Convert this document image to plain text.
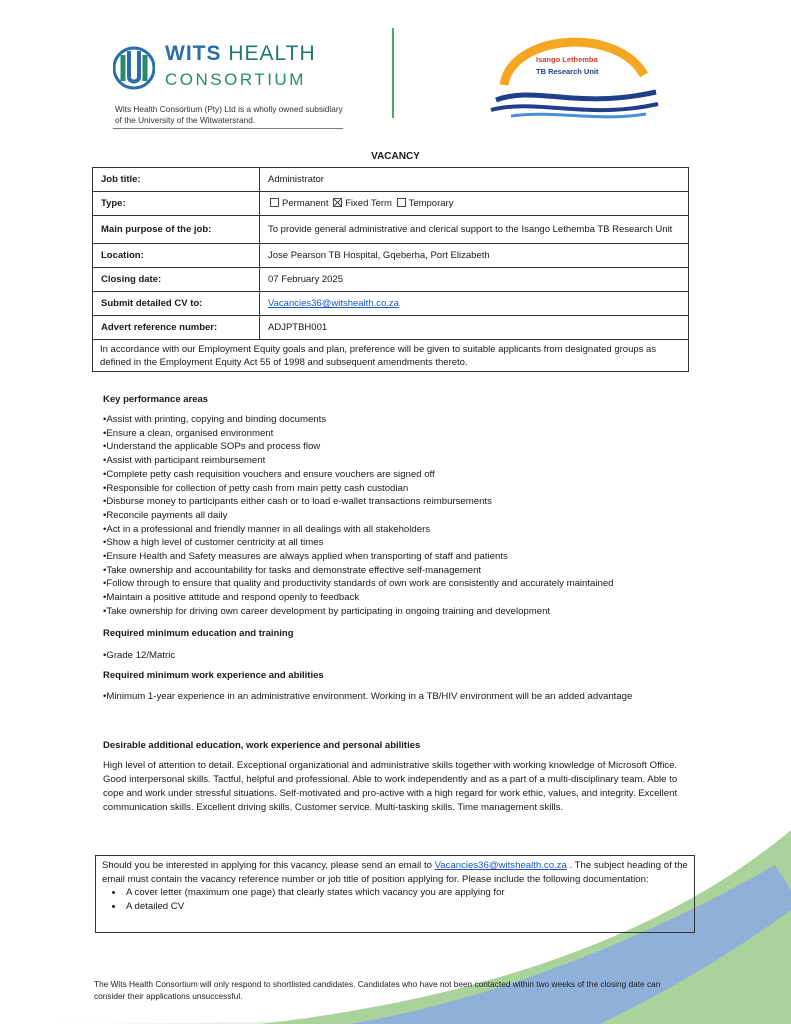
WITS HEALTH
CONSORTIUM
Wits Health Consortium (Pty) Ltd is a wholly owned subsidiary of the University of the Witwatersrand.
Isango Lethemba
TB Research Unit
VACANCY
Job title:	Administrator
Type:	Permanent Fixed Term Temporary
Main purpose of the job:	To provide general administrative and clerical support to the Isango Lethemba TB Research Unit
Location:	Jose Pearson TB Hospital, Gqeberha, Port Elizabeth
Closing date:	07 February 2025
Submit detailed CV to:	Vacancies36@witshealth.co.za
Advert reference number:	ADJPTBH001
In accordance with our Employment Equity goals and plan, preference will be given to suitable applicants from designated groups as defined in the Employment Equity Act 55 of 1998 and subsequent amendments thereto.	
Key performance areas
• Assist with printing, copying and binding documents
• Ensure a clean, organised environment
• Understand the applicable SOPs and process flow
• Assist with participant reimbursement
• Complete petty cash requisition vouchers and ensure vouchers are signed off
• Responsible for collection of petty cash from main petty cash custodian
• Disburse money to participants either cash or to load e-wallet transactions reimbursements
• Reconcile payments all daily
• Act in a professional and friendly manner in all dealings with all stakeholders
• Show a high level of customer centricity at all times
• Ensure Health and Safety measures are always applied when transporting of staff and patients
• Take ownership and accountability for tasks and demonstrate effective self-management
• Follow through to ensure that quality and productivity standards of own work are consistently and accurately maintained
• Maintain a positive attitude and respond openly to feedback
• Take ownership for driving own career development by participating in ongoing training and development
Required minimum education and training
•Grade 12/Matric
Required minimum work experience and abilities
•Minimum 1-year experience in an administrative environment. Working in a TB/HIV environment will be an added advantage
Desirable additional education, work experience and personal abilities
High level of attention to detail. Exceptional organizational and administrative skills together with working knowledge of Microsoft Office. Good interpersonal skills. Tactful, helpful and professional. Able to work independently and as a part of a multi-disciplinary team. Able to cope and work under stressful situations. Self-motivated and pro-active with a high regard for work ethic, values, and integrity. Excellent communication skills. Excellent driving skills. Customer service. Multi-tasking skills. Time management skills.
Should you be interested in applying for this vacancy, please send an email to Vacancies36@witshealth.co.za . The subject heading of the email must contain the vacancy reference number or job title of position applying for. Please include the following documentation:
• A cover letter (maximum one page) that clearly states which vacancy you are applying for
• A detailed CV
The Wits Health Consortium will only respond to shortlisted candidates. Candidates who have not been contacted within two weeks of the closing date can consider their applications unsuccessful.
